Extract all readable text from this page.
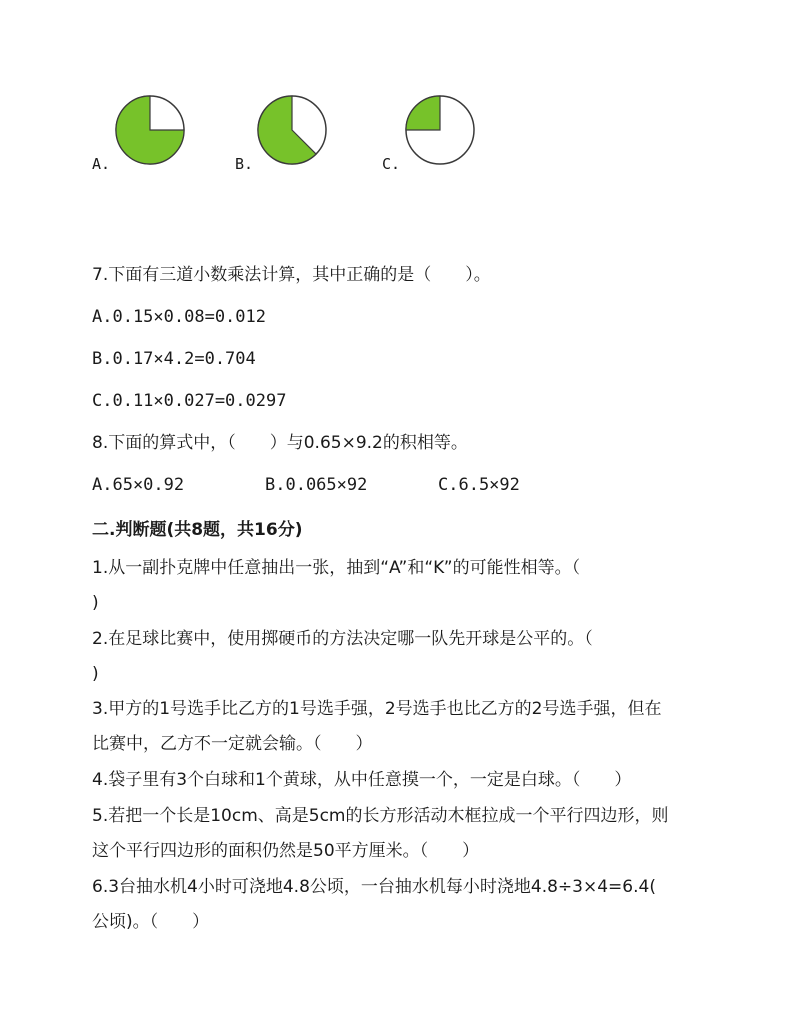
A.	B.	C.
7.下面有三道小数乘法计算，其中正确的是（　　）。
A.0.15×0.08=0.012
B.0.17×4.2=0.704
C.0.11×0.027=0.0297
8.下面的算式中，（　　）与0.65×9.2的积相等。
A.65×0.92	B.0.065×92	C.6.5×92
二.判断题(共8题，共16分)
1.从一副扑克牌中任意抽出一张，抽到“A”和“K”的可能性相等。（
)
2.在足球比赛中，使用掷硬币的方法决定哪一队先开球是公平的。（
)
3.甲方的1号选手比乙方的1号选手强，2号选手也比乙方的2号选手强，但在
比赛中，乙方不一定就会输。（　　）
4.袋子里有3个白球和1个黄球，从中任意摸一个，一定是白球。（　　）
5.若把一个长是10cm、高是5cm的长方形活动木框拉成一个平行四边形，则
这个平行四边形的面积仍然是50平方厘米。（　　）
6.3台抽水机4小时可浇地4.8公顷，一台抽水机每小时浇地4.8÷3×4=6.4(
公顷)。（　　）
